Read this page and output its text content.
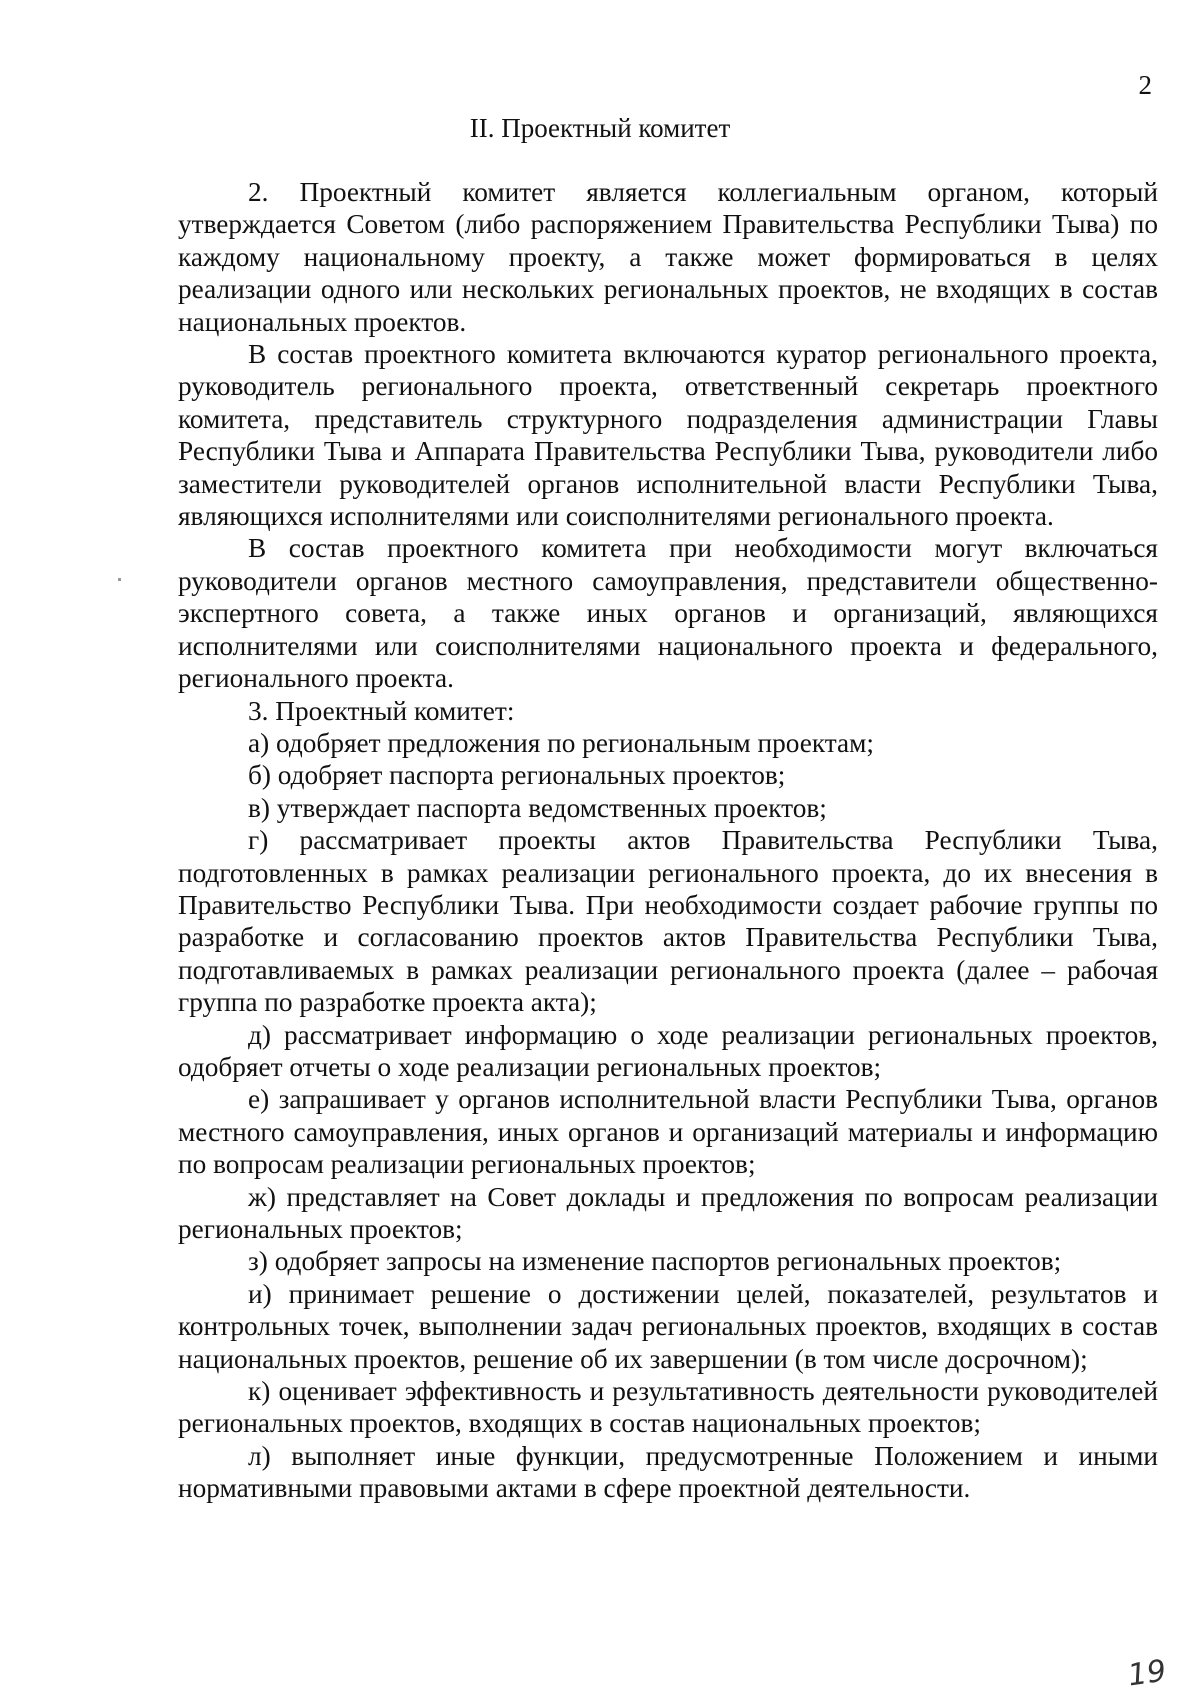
2
II. Проектный комитет

2. Проектный комитет является коллегиальным органом, который утверждается Советом (либо распоряжением Правительства Республики Тыва) по каждому национальному проекту, а также может формироваться в целях реализации одного или нескольких региональных проектов, не входящих в состав национальных проектов.

В состав проектного комитета включаются куратор регионального проекта, руководитель регионального проекта, ответственный секретарь проектного комитета, представитель структурного подразделения администрации Главы Республики Тыва и Аппарата Правительства Республики Тыва, руководители либо заместители руководителей органов исполнительной власти Республики Тыва, являющихся исполнителями или соисполнителями регионального проекта.

В состав проектного комитета при необходимости могут включаться руководители органов местного самоуправления, представители общественно-экспертного совета, а также иных органов и организаций, являющихся исполнителями или соисполнителями национального проекта и федерального, регионального проекта.

3. Проектный комитет:

а) одобряет предложения по региональным проектам;

б) одобряет паспорта региональных проектов;

в) утверждает паспорта ведомственных проектов;

г) рассматривает проекты актов Правительства Республики Тыва, подготовленных в рамках реализации регионального проекта, до их внесения в Правительство Республики Тыва. При необходимости создает рабочие группы по разработке и согласованию проектов актов Правительства Республики Тыва, подготавливаемых в рамках реализации регионального проекта (далее – рабочая группа по разработке проекта акта);

д) рассматривает информацию о ходе реализации региональных проектов, одобряет отчеты о ходе реализации региональных проектов;

е) запрашивает у органов исполнительной власти Республики Тыва, органов местного самоуправления, иных органов и организаций материалы и информацию по вопросам реализации региональных проектов;

ж) представляет на Совет доклады и предложения по вопросам реализации региональных проектов;

з) одобряет запросы на изменение паспортов региональных проектов;

и) принимает решение о достижении целей, показателей, результатов и контрольных точек, выполнении задач региональных проектов, входящих в состав национальных проектов, решение об их завершении (в том числе досрочном);

к) оценивает эффективность и результативность деятельности руководителей региональных проектов, входящих в состав национальных проектов;

л) выполняет иные функции, предусмотренные Положением и иными нормативными правовыми актами в сфере проектной деятельности.

19
